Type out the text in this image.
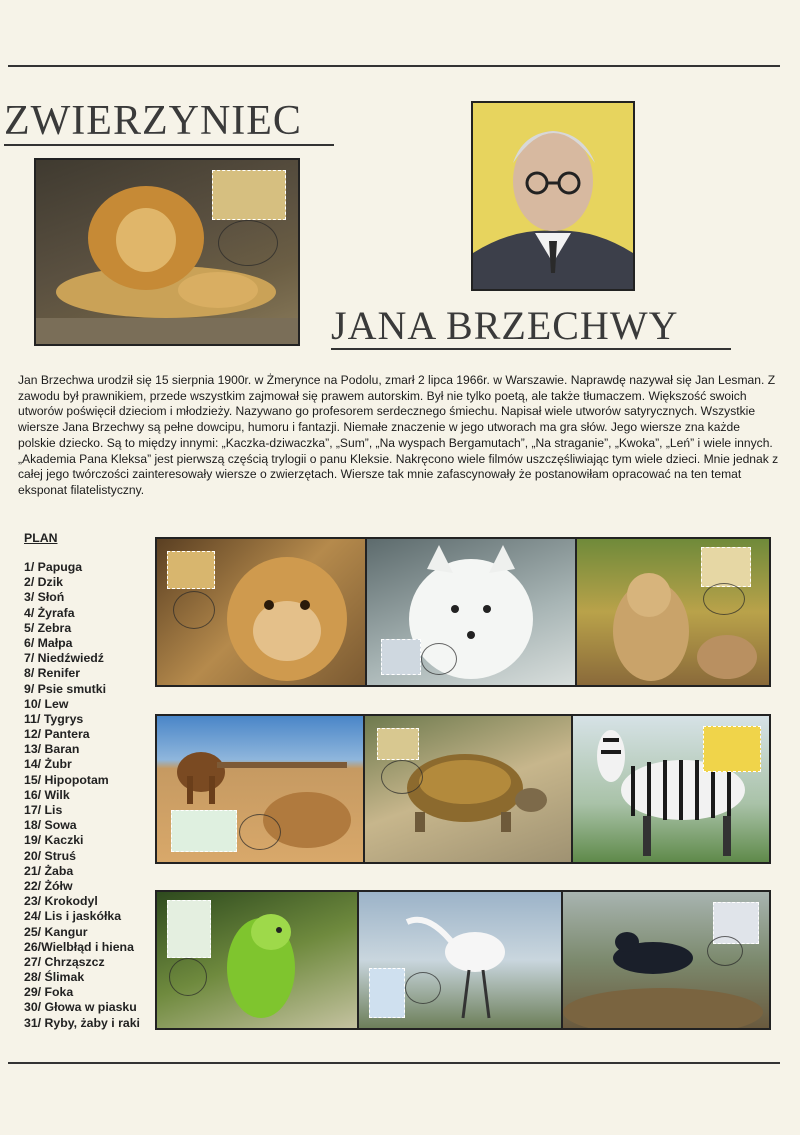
ZWIERZYNIEC
JANA BRZECHWY

Jan Brzechwa urodził się 15 sierpnia 1900r. w Żmerynce na Podolu, zmarł 2 lipca 1966r. w Warszawie. Naprawdę nazywał się Jan Lesman. Z zawodu był prawnikiem, przede wszystkim zajmował się prawem autorskim. Był nie tylko poetą, ale także tłumaczem. Większość swoich utworów poświęcił dzieciom i młodzieży. Nazywano go profesorem serdecznego śmiechu. Napisał wiele utworów satyrycznych. Wszystkie wiersze Jana Brzechwy są pełne dowcipu, humoru i fantazji. Niemałe znaczenie w jego utworach ma gra słów. Jego wiersze zna każde polskie dziecko. Są to między innymi: „Kaczka-dziwaczka”, „Sum”, „Na wyspach Bergamutach”, „Na straganie”, „Kwoka”, „Leń” i wiele innych. „Akademia Pana Kleksa” jest pierwszą częścią trylogii o panu Kleksie. Nakręcono wiele filmów uszczęśliwiając tym wiele dzieci. Mnie jednak z całej jego twórczości zainteresowały wiersze o zwierzętach. Wiersze tak mnie zafascynowały że postanowiłam opracować na ten temat eksponat filatelistyczny.

PLAN
1/ Papuga
2/ Dzik
3/ Słoń
4/ Żyrafa
5/ Zebra
6/ Małpa
7/ Niedźwiedź
8/ Renifer
9/ Psie smutki
10/ Lew
11/ Tygrys
12/ Pantera
13/ Baran
14/ Żubr
15/ Hipopotam
16/ Wilk
17/ Lis
18/ Sowa
19/ Kaczki
20/ Struś
21/ Żaba
22/ Żółw
23/ Krokodyl
24/ Lis i jaskółka
25/ Kangur
26/Wielbłąd i hiena
27/ Chrząszcz
28/ Ślimak
29/ Foka
30/ Głowa w piasku
31/ Ryby, żaby i raki
